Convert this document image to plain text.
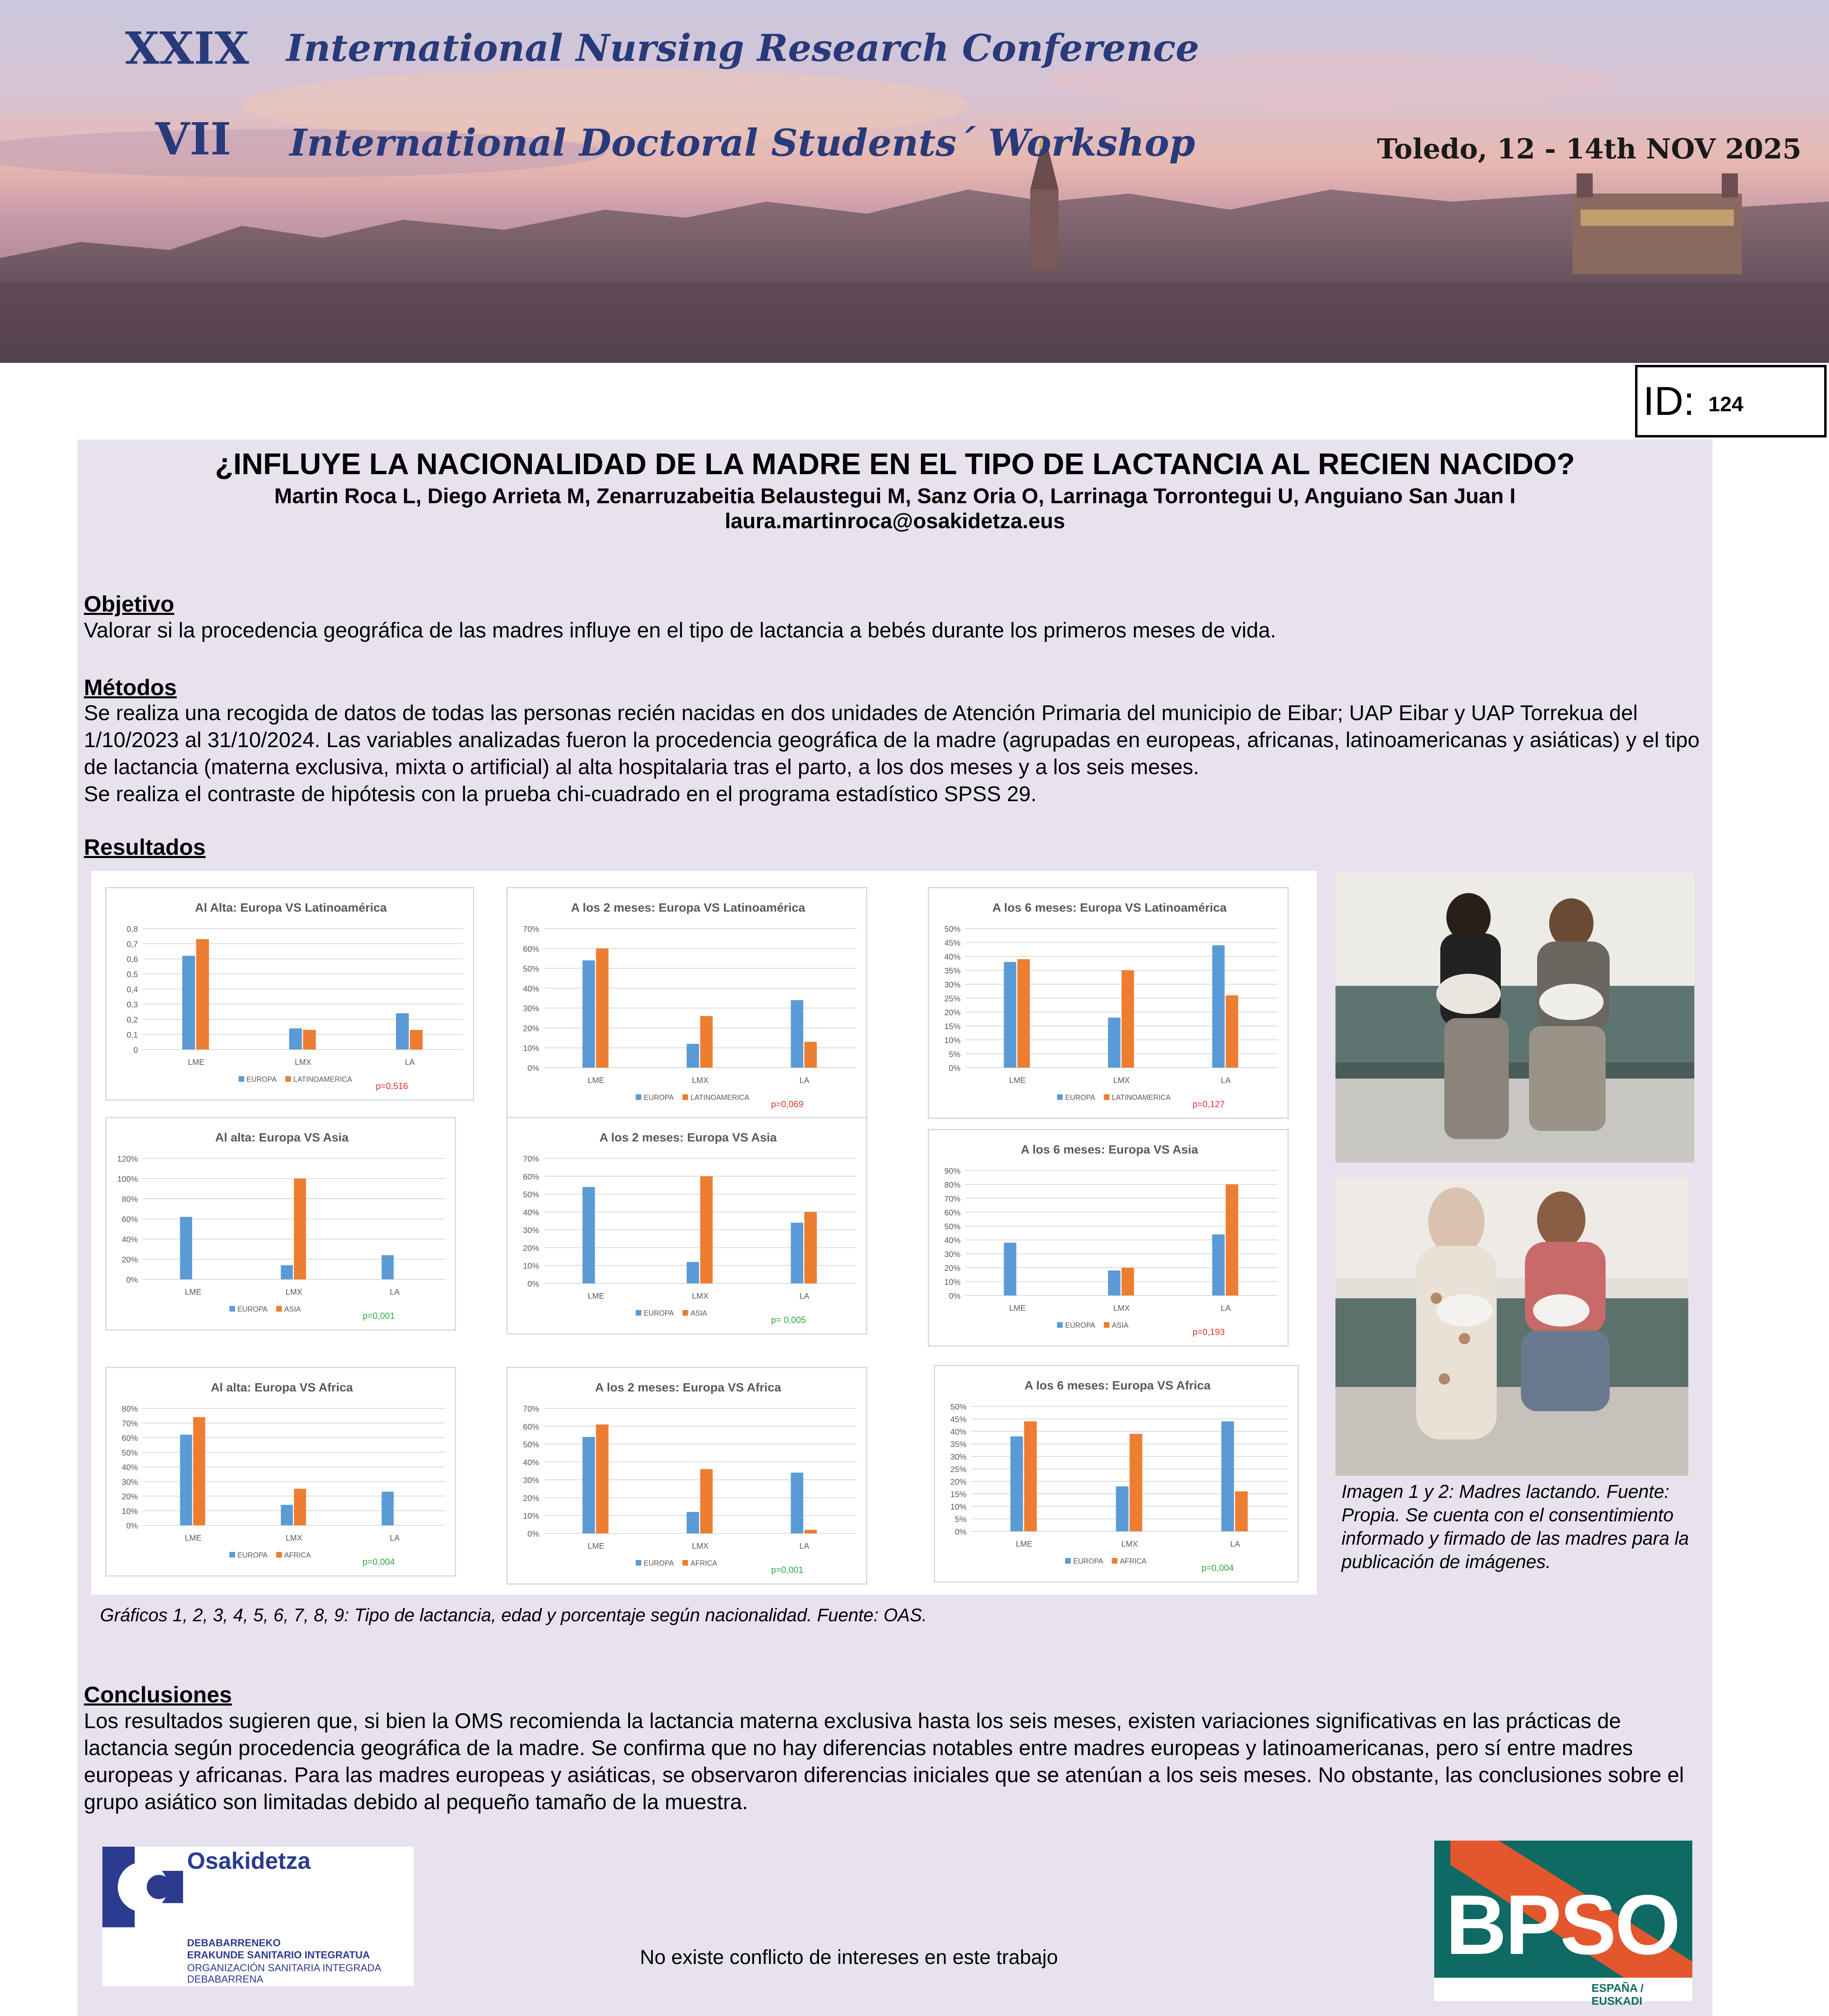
XXIX International Nursing Research Conference
VII International Doctoral Students´ Workshop	Toledo, 12 - 14th NOV 2025
ID: 124
¿INFLUYE LA NACIONALIDAD DE LA MADRE EN EL TIPO DE LACTANCIA AL RECIEN NACIDO?
Martin Roca L, Diego Arrieta M, Zenarruzabeitia Belaustegui M, Sanz Oria O, Larrinaga Torrontegui U, Anguiano San Juan I
laura.martinroca@osakidetza.eus
Objetivo

Valorar si la procedencia geográfica de las madres influye en el tipo de lactancia a bebés durante los primeros meses de vida.

Métodos

Se realiza una recogida de datos de todas las personas recién nacidas en dos unidades de Atención Primaria del municipio de Eibar; UAP Eibar y UAP Torrekua del 1/10/2023 al 31/10/2024. Las variables analizadas fueron la procedencia geográfica de la madre (agrupadas en europeas, africanas, latinoamericanas y asiáticas) y el tipo de lactancia (materna exclusiva, mixta o artificial) al alta hospitalaria tras el parto, a los dos meses y a los seis meses.

Se realiza el contraste de hipótesis con la prueba chi-cuadrado en el programa estadístico SPSS 29.

Resultados
Al Alta: Europa VS Latinoamérica
0
0,1
0,2
0,3
0,4
0,5
0,6
0,7
0,8
LME	LMX	LA
EUROPA LATINOAMERICA
p=0,516
A los 2 meses: Europa VS Latinoamérica
0%
10%
20%
30%
40%
50%
60%
70%
LME	LMX	LA
EUROPA LATINOAMERICA
p=0,069
A los 6 meses: Europa VS Latinoamérica
0%
5%
10%
15%
20%
25%
30%
35%
40%
45%
50%
LME	LMX	LA
EUROPA LATINOAMERICA
p=0,127
Al alta: Europa VS Asia
0%
20%
40%
60%
80%
100%
120%
LME	LMX	LA
EUROPA ASIA
p=0,001
A los 2 meses: Europa VS Asia
0%
10%
20%
30%
40%
50%
60%
70%
LME	LMX	LA
EUROPA ASIA
p= 0,005
A los 6 meses: Europa VS Asia
0%
10%
20%
30%
40%
50%
60%
70%
80%
90%
LME	LMX	LA
EUROPA ASIA
p=0,193
Al alta: Europa VS Africa
0%
10%
20%
30%
40%
50%
60%
70%
80%
LME	LMX	LA
EUROPA AFRICA
p=0,004
A los 2 meses: Europa VS Africa
0%
10%
20%
30%
40%
50%
60%
70%
LME	LMX	LA
EUROPA AFRICA
p=0,001
A los 6 meses: Europa VS Africa
0%
5%
10%
15%
20%
25%
30%
35%
40%
45%
50%
LME	LMX	LA
EUROPA AFRICA
p=0,004
Imagen 1 y 2: Madres lactando. Fuente: Propia. Se cuenta con el consentimiento informado y firmado de las madres para la publicación de imágenes.
Gráficos 1, 2, 3, 4, 5, 6, 7, 8, 9: Tipo de lactancia, edad y porcentaje según nacionalidad. Fuente: OAS.
Conclusiones

Los resultados sugieren que, si bien la OMS recomienda la lactancia materna exclusiva hasta los seis meses, existen variaciones significativas en las prácticas de lactancia según procedencia geográfica de la madre. Se confirma que no hay diferencias notables entre madres europeas y latinoamericanas, pero sí entre madres europeas y africanas. Para las madres europeas y asiáticas, se observaron diferencias iniciales que se atenúan a los seis meses. No obstante, las conclusiones sobre el grupo asiático son limitadas debido al pequeño tamaño de la muestra.

Osakidetza
DEBABARRENEKO
ERAKUNDE SANITARIO INTEGRATUA
ORGANIZACIÓN SANITARIA INTEGRADA
DEBABARRENA
No existe conflicto de intereses en este trabajo	BPSO
ESPAÑA / EUSKADI
